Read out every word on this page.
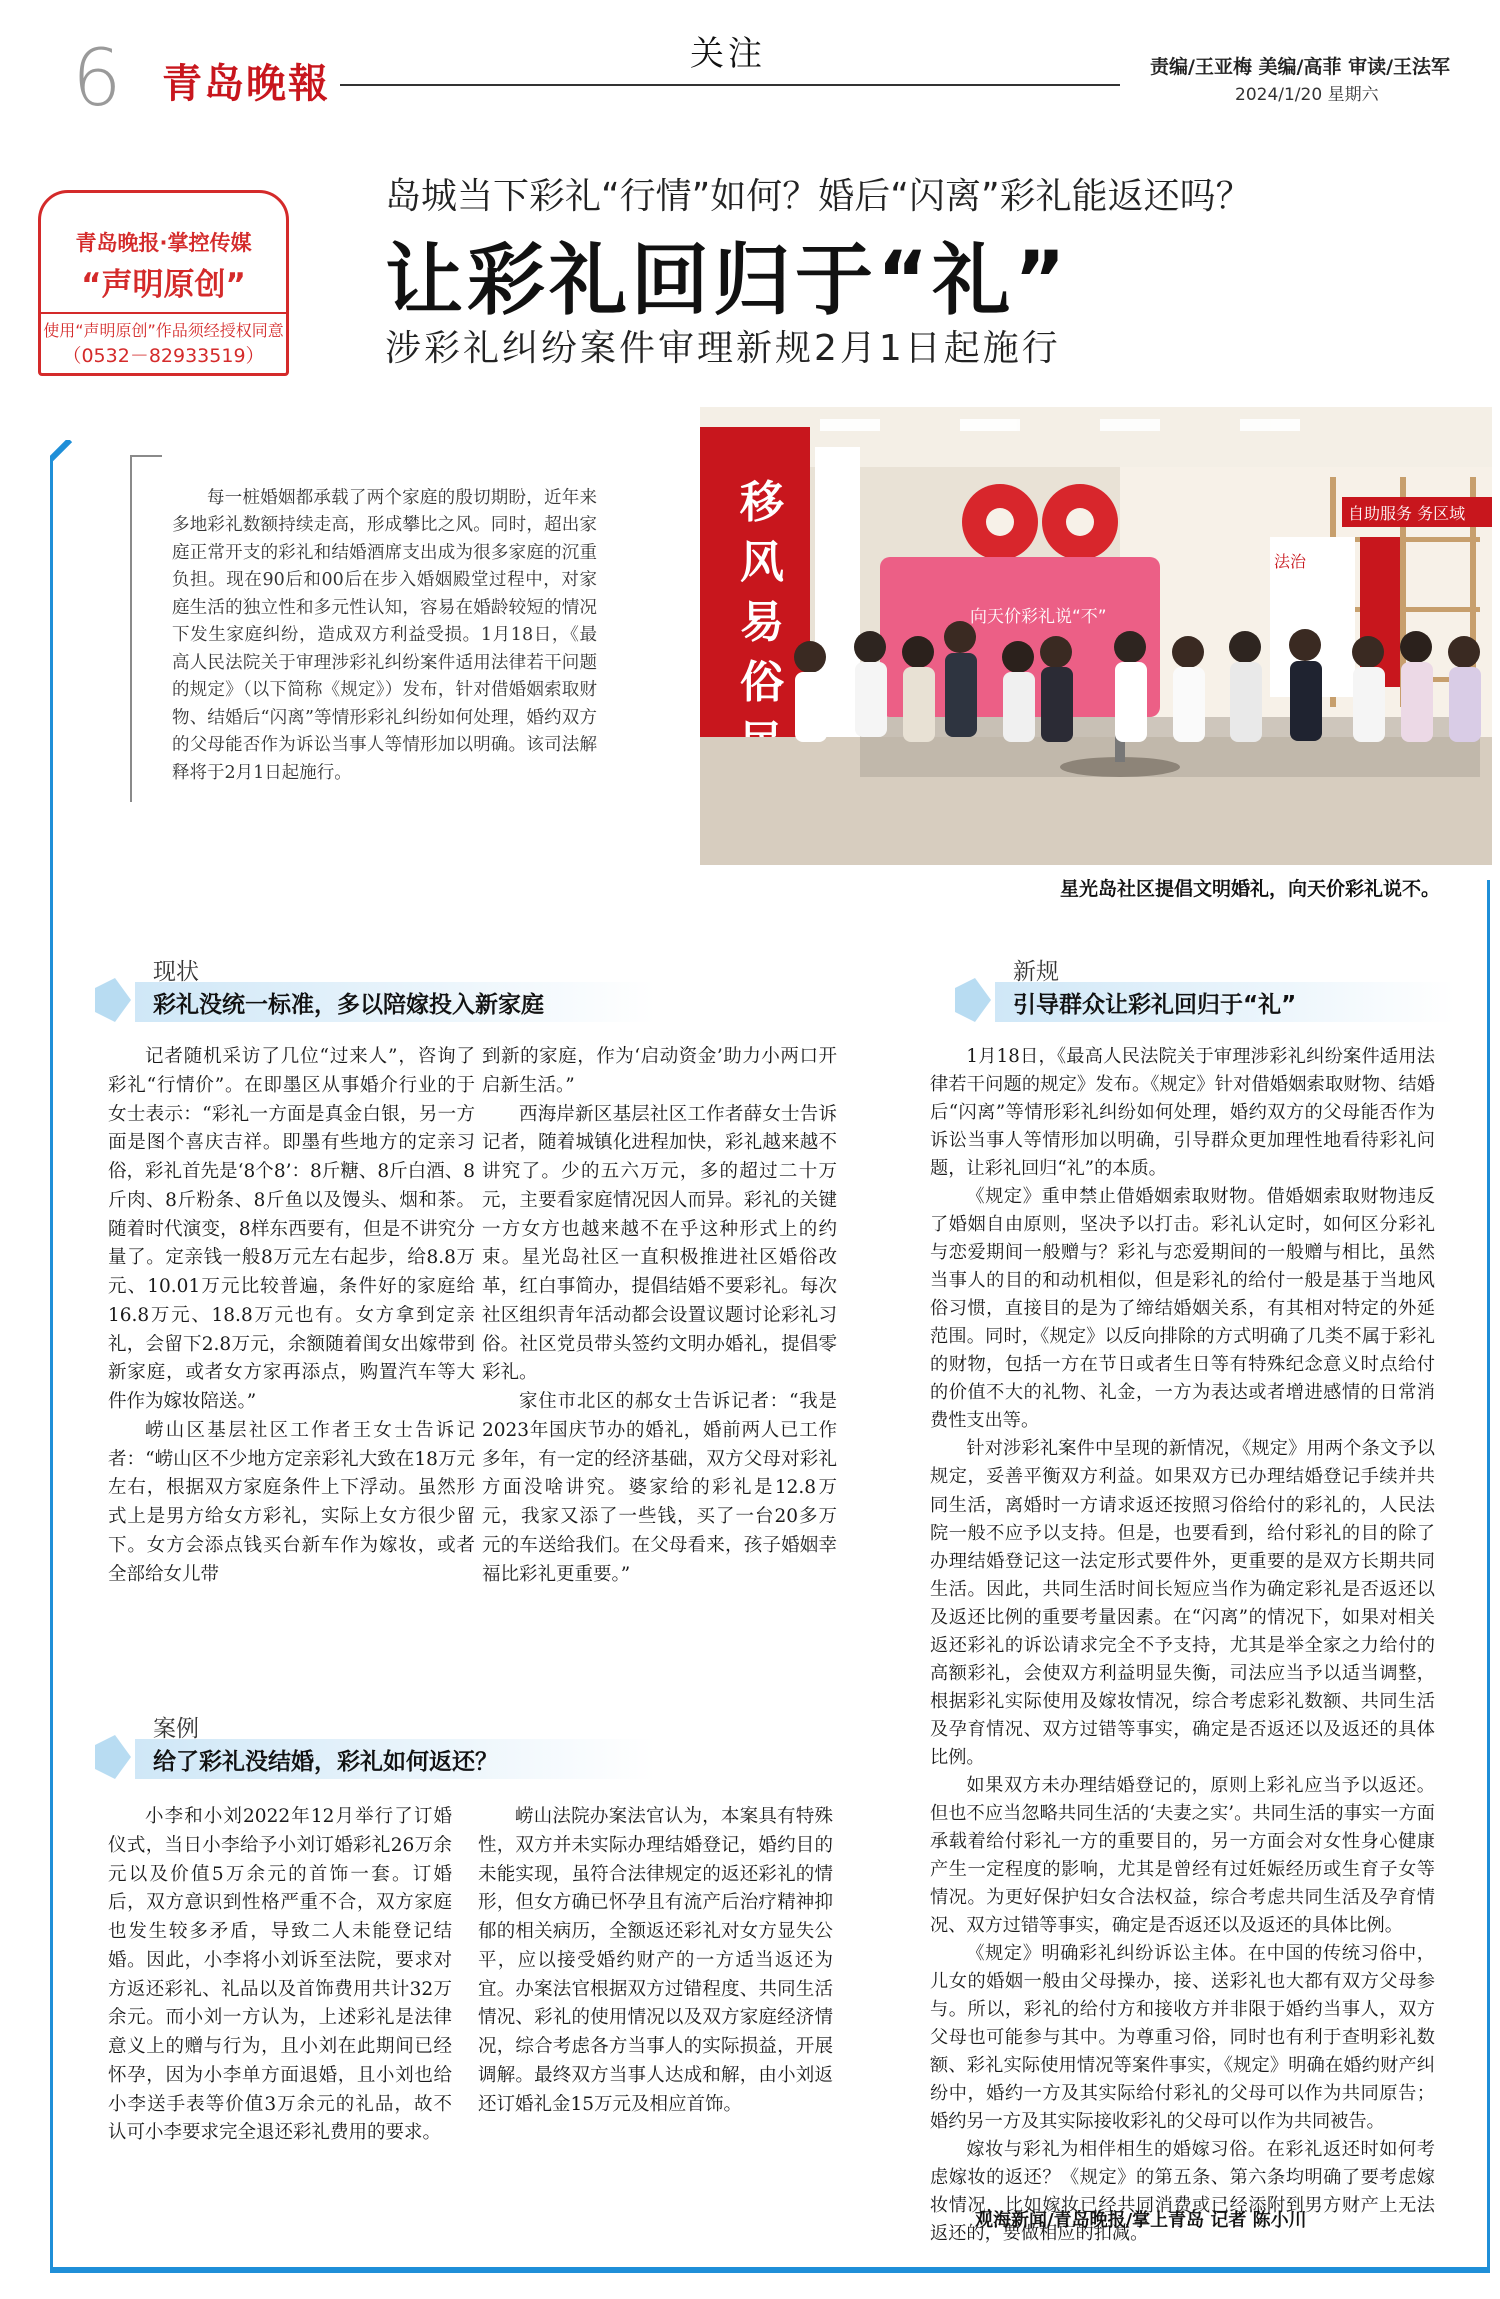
6 青岛晚報
关注	责编/王亚梅 美编/高菲 审读/王法军
2024/1/20 星期六
青岛晚报·掌控传媒
“声明原创”
使用“声明原创”作品须经授权同意
（0532－82933519）
岛城当下彩礼“行情”如何？婚后“闪离”彩礼能返还吗？
让彩礼回归于“礼”
涉彩礼纠纷案件审理新规2月1日起施行
每一桩婚姻都承载了两个家庭的殷切期盼，近年来多地彩礼数额持续走高，形成攀比之风。同时，超出家庭正常开支的彩礼和结婚酒席支出成为很多家庭的沉重负担。现在90后和00后在步入婚姻殿堂过程中，对家庭生活的独立性和多元性认知，容易在婚龄较短的情况下发生家庭纠纷，造成双方利益受损。1月18日，《最高人民法院关于审理涉彩礼纠纷案件适用法律若干问题的规定》（以下简称《规定》）发布，针对借婚姻索取财物、结婚后“闪离”等情形彩礼纠纷如何处理，婚约双方的父母能否作为诉讼当事人等情形加以明确。该司法解释将于2月1日起施行。
移
风
易
俗
向天价彩礼说“不”
法治
自助服务 务区域
星光岛社区提倡文明婚礼，向天价彩礼说不。
现状
彩礼没统一标准，多以陪嫁投入新家庭

记者随机采访了几位“过来人”，咨询了彩礼“行情价”。在即墨区从事婚介行业的于女士表示：“彩礼一方面是真金白银，另一方面是图个喜庆吉祥。即墨有些地方的定亲习俗，彩礼首先是‘8个8’：8斤糖、8斤白酒、8斤肉、8斤粉条、8斤鱼以及馒头、烟和茶。随着时代演变，8样东西要有，但是不讲究分量了。定亲钱一般8万元左右起步，给8.8万元、10.01万元比较普遍，条件好的家庭给16.8万元、18.8万元也有。女方拿到定亲礼，会留下2.8万元，余额随着闺女出嫁带到新家庭，或者女方家再添点，购置汽车等大件作为嫁妆陪送。”

崂山区基层社区工作者王女士告诉记者：“崂山区不少地方定亲彩礼大致在18万元左右，根据双方家庭条件上下浮动。虽然形式上是男方给女方彩礼，实际上女方很少留下。女方会添点钱买台新车作为嫁妆，或者全部给女儿带

到新的家庭，作为‘启动资金’助力小两口开启新生活。”

西海岸新区基层社区工作者薛女士告诉记者，随着城镇化进程加快，彩礼越来越不讲究了。少的五六万元，多的超过二十万元，主要看家庭情况因人而异。彩礼的关键一方女方也越来越不在乎这种形式上的约束。星光岛社区一直积极推进社区婚俗改革，红白事简办，提倡结婚不要彩礼。每次社区组织青年活动都会设置议题讨论彩礼习俗。社区党员带头签约文明办婚礼，提倡零彩礼。

家住市北区的郝女士告诉记者：“我是2023年国庆节办的婚礼，婚前两人已工作多年，有一定的经济基础，双方父母对彩礼方面没啥讲究。婆家给的彩礼是12.8万元，我家又添了一些钱，买了一台20多万元的车送给我们。在父母看来，孩子婚姻幸福比彩礼更重要。”

案例
给了彩礼没结婚，彩礼如何返还？

小李和小刘2022年12月举行了订婚仪式，当日小李给予小刘订婚彩礼26万余元以及价值5万余元的首饰一套。订婚后，双方意识到性格严重不合，双方家庭也发生较多矛盾，导致二人未能登记结婚。因此，小李将小刘诉至法院，要求对方返还彩礼、礼品以及首饰费用共计32万余元。而小刘一方认为，上述彩礼是法律意义上的赠与行为，且小刘在此期间已经怀孕，因为小李单方面退婚，且小刘也给小李送手表等价值3万余元的礼品，故不认可小李要求完全退还彩礼费用的要求。

崂山法院办案法官认为，本案具有特殊性，双方并未实际办理结婚登记，婚约目的未能实现，虽符合法律规定的返还彩礼的情形，但女方确已怀孕且有流产后治疗精神抑郁的相关病历，全额返还彩礼对女方显失公平，应以接受婚约财产的一方适当返还为宜。办案法官根据双方过错程度、共同生活情况、彩礼的使用情况以及双方家庭经济情况，综合考虑各方当事人的实际损益，开展调解。最终双方当事人达成和解，由小刘返还订婚礼金15万元及相应首饰。

新规
引导群众让彩礼回归于“礼”

1月18日，《最高人民法院关于审理涉彩礼纠纷案件适用法律若干问题的规定》发布。《规定》针对借婚姻索取财物、结婚后“闪离”等情形彩礼纠纷如何处理，婚约双方的父母能否作为诉讼当事人等情形加以明确，引导群众更加理性地看待彩礼问题，让彩礼回归“礼”的本质。

《规定》重申禁止借婚姻索取财物。借婚姻索取财物违反了婚姻自由原则，坚决予以打击。彩礼认定时，如何区分彩礼与恋爱期间一般赠与？彩礼与恋爱期间的一般赠与相比，虽然当事人的目的和动机相似，但是彩礼的给付一般是基于当地风俗习惯，直接目的是为了缔结婚姻关系，有其相对特定的外延范围。同时，《规定》以反向排除的方式明确了几类不属于彩礼的财物，包括一方在节日或者生日等有特殊纪念意义时点给付的价值不大的礼物、礼金，一方为表达或者增进感情的日常消费性支出等。

针对涉彩礼案件中呈现的新情况，《规定》用两个条文予以规定，妥善平衡双方利益。如果双方已办理结婚登记手续并共同生活，离婚时一方请求返还按照习俗给付的彩礼的，人民法院一般不应予以支持。但是，也要看到，给付彩礼的目的除了办理结婚登记这一法定形式要件外，更重要的是双方长期共同生活。因此，共同生活时间长短应当作为确定彩礼是否返还以及返还比例的重要考量因素。在“闪离”的情况下，如果对相关返还彩礼的诉讼请求完全不予支持，尤其是举全家之力给付的高额彩礼，会使双方利益明显失衡，司法应当予以适当调整，根据彩礼实际使用及嫁妆情况，综合考虑彩礼数额、共同生活及孕育情况、双方过错等事实，确定是否返还以及返还的具体比例。

如果双方未办理结婚登记的，原则上彩礼应当予以返还。但也不应当忽略共同生活的‘夫妻之实’。共同生活的事实一方面承载着给付彩礼一方的重要目的，另一方面会对女性身心健康产生一定程度的影响，尤其是曾经有过妊娠经历或生育子女等情况。为更好保护妇女合法权益，综合考虑共同生活及孕育情况、双方过错等事实，确定是否返还以及返还的具体比例。

《规定》明确彩礼纠纷诉讼主体。在中国的传统习俗中，儿女的婚姻一般由父母操办，接、送彩礼也大都有双方父母参与。所以，彩礼的给付方和接收方并非限于婚约当事人，双方父母也可能参与其中。为尊重习俗，同时也有利于查明彩礼数额、彩礼实际使用情况等案件事实，《规定》明确在婚约财产纠纷中，婚约一方及其实际给付彩礼的父母可以作为共同原告；婚约另一方及其实际接收彩礼的父母可以作为共同被告。

嫁妆与彩礼为相伴相生的婚嫁习俗。在彩礼返还时如何考虑嫁妆的返还？《规定》的第五条、第六条均明确了要考虑嫁妆情况，比如嫁妆已经共同消费或已经添附到男方财产上无法返还的，要做相应的扣减。

观海新闻/青岛晚报/掌上青岛 记者 陈小川
